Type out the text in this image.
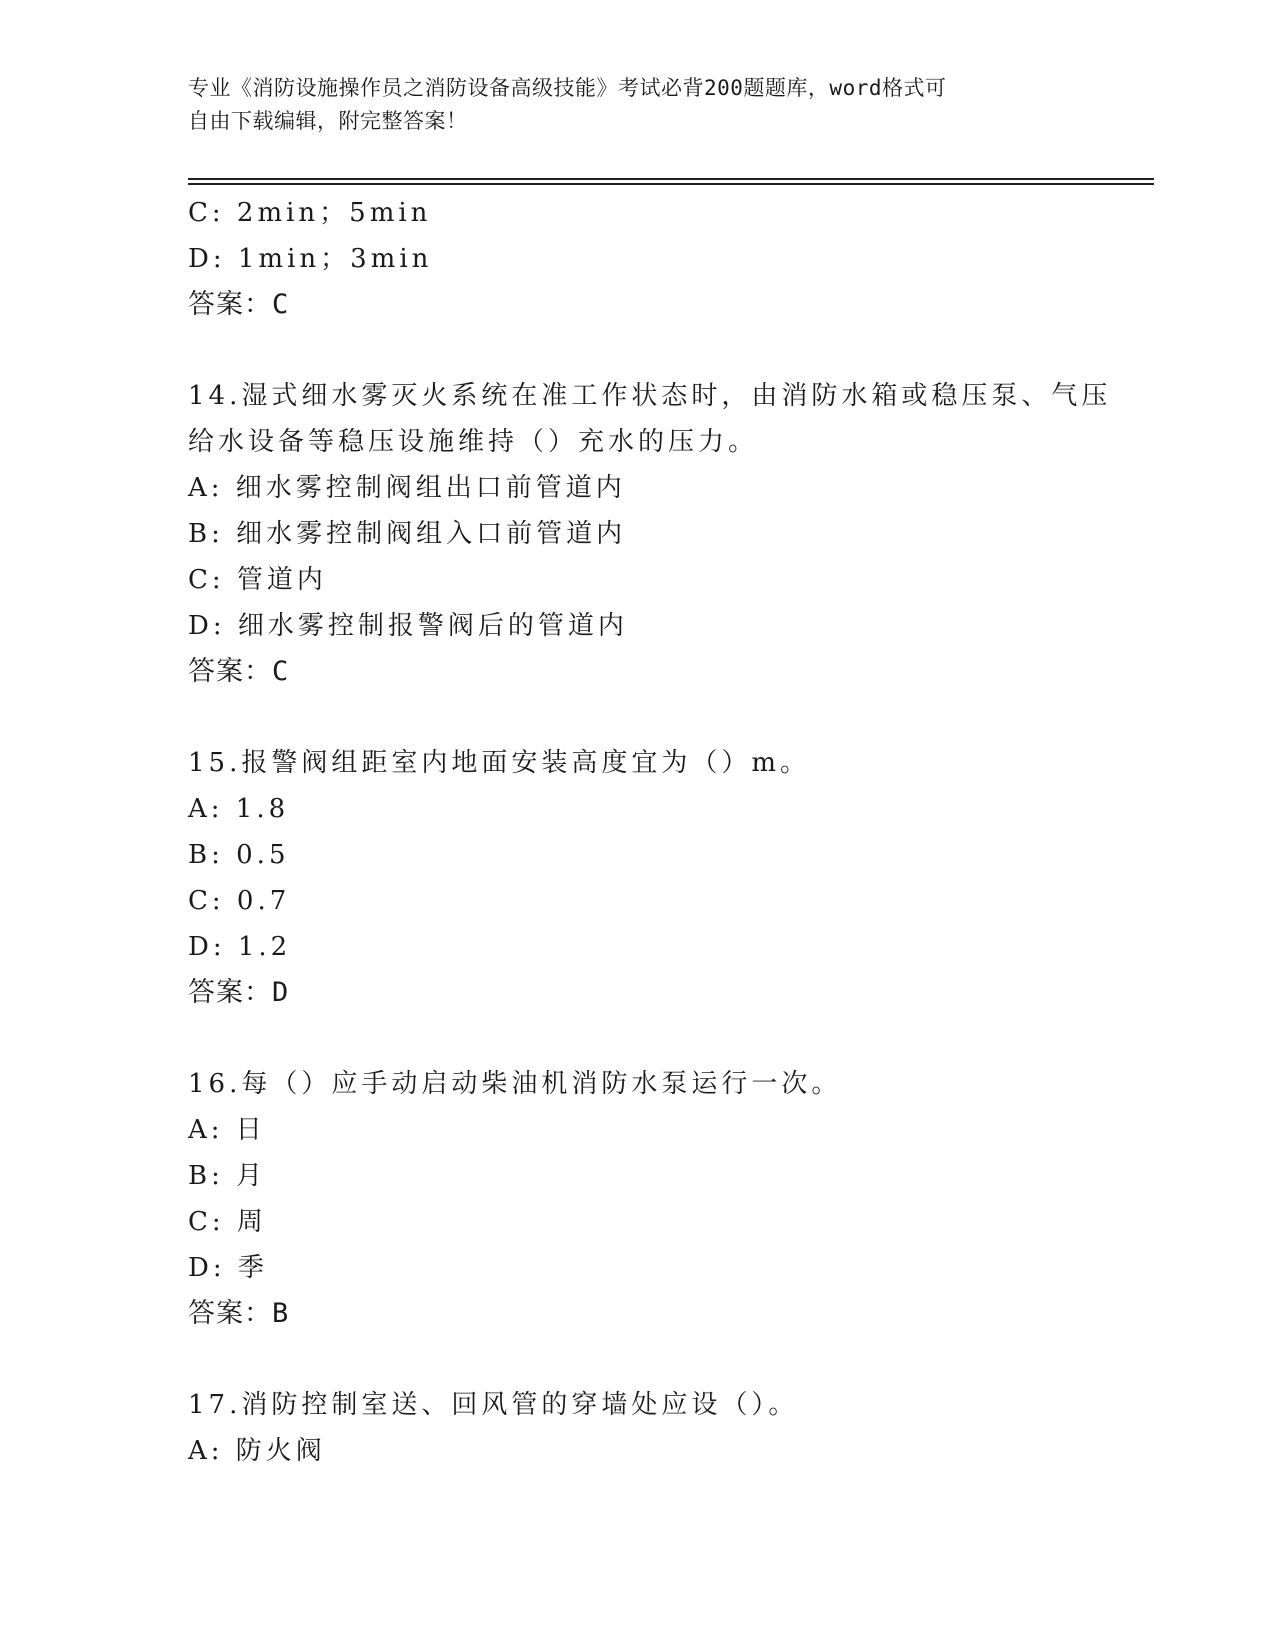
专业《消防设施操作员之消防设备高级技能》考试必背200题题库，word格式可
自由下载编辑，附完整答案！
C: 2min；5min
D: 1min；3min
答案：C
14.湿式细水雾灭火系统在准工作状态时，由消防水箱或稳压泵、气压
给水设备等稳压设施维持（）充水的压力。
A: 细水雾控制阀组出口前管道内
B: 细水雾控制阀组入口前管道内
C: 管道内
D: 细水雾控制报警阀后的管道内
答案：C
15.报警阀组距室内地面安装高度宜为（）m。
A: 1.8
B: 0.5
C: 0.7
D: 1.2
答案：D
16.每（）应手动启动柴油机消防水泵运行一次。
A: 日
B: 月
C: 周
D: 季
答案：B
17.消防控制室送、回风管的穿墙处应设（）。
A: 防火阀
